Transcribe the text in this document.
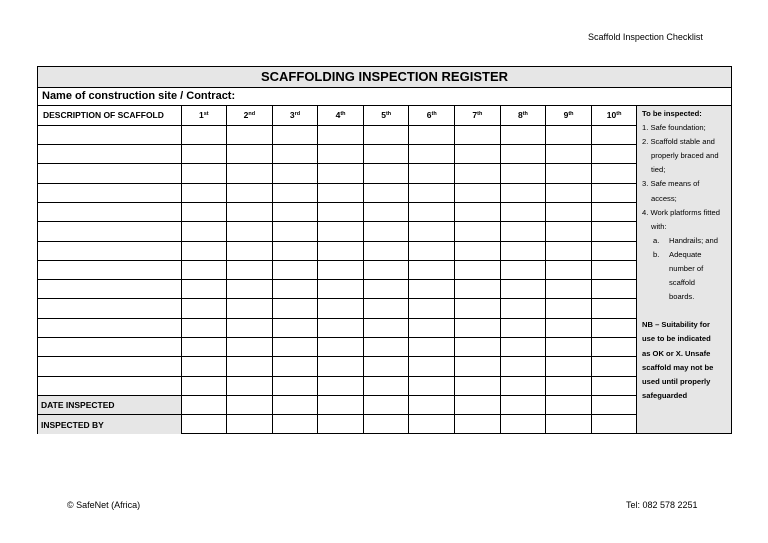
Scaffold Inspection Checklist
SCAFFOLDING INSPECTION REGISTER
Name of construction site / Contract:
DESCRIPTION OF SCAFFOLD	1st	2nd	3rd	4th	5th	6th	7th	8th	9th	10th

DATE INSPECTED										
INSPECTED BY										
To be inspected:
1. Safe foundation;
2. Scaffold stable and
properly braced and
tied;
3. Safe means of
access;
4. Work platforms fitted
with:
a.	Handrails; and
b.	Adequate
number of
scaffold
boards.
NB – Suitability for
use to be indicated
as OK or X. Unsafe
scaffold may not be
used until properly
safeguarded
© SafeNet (Africa)	Tel: 082 578 2251
